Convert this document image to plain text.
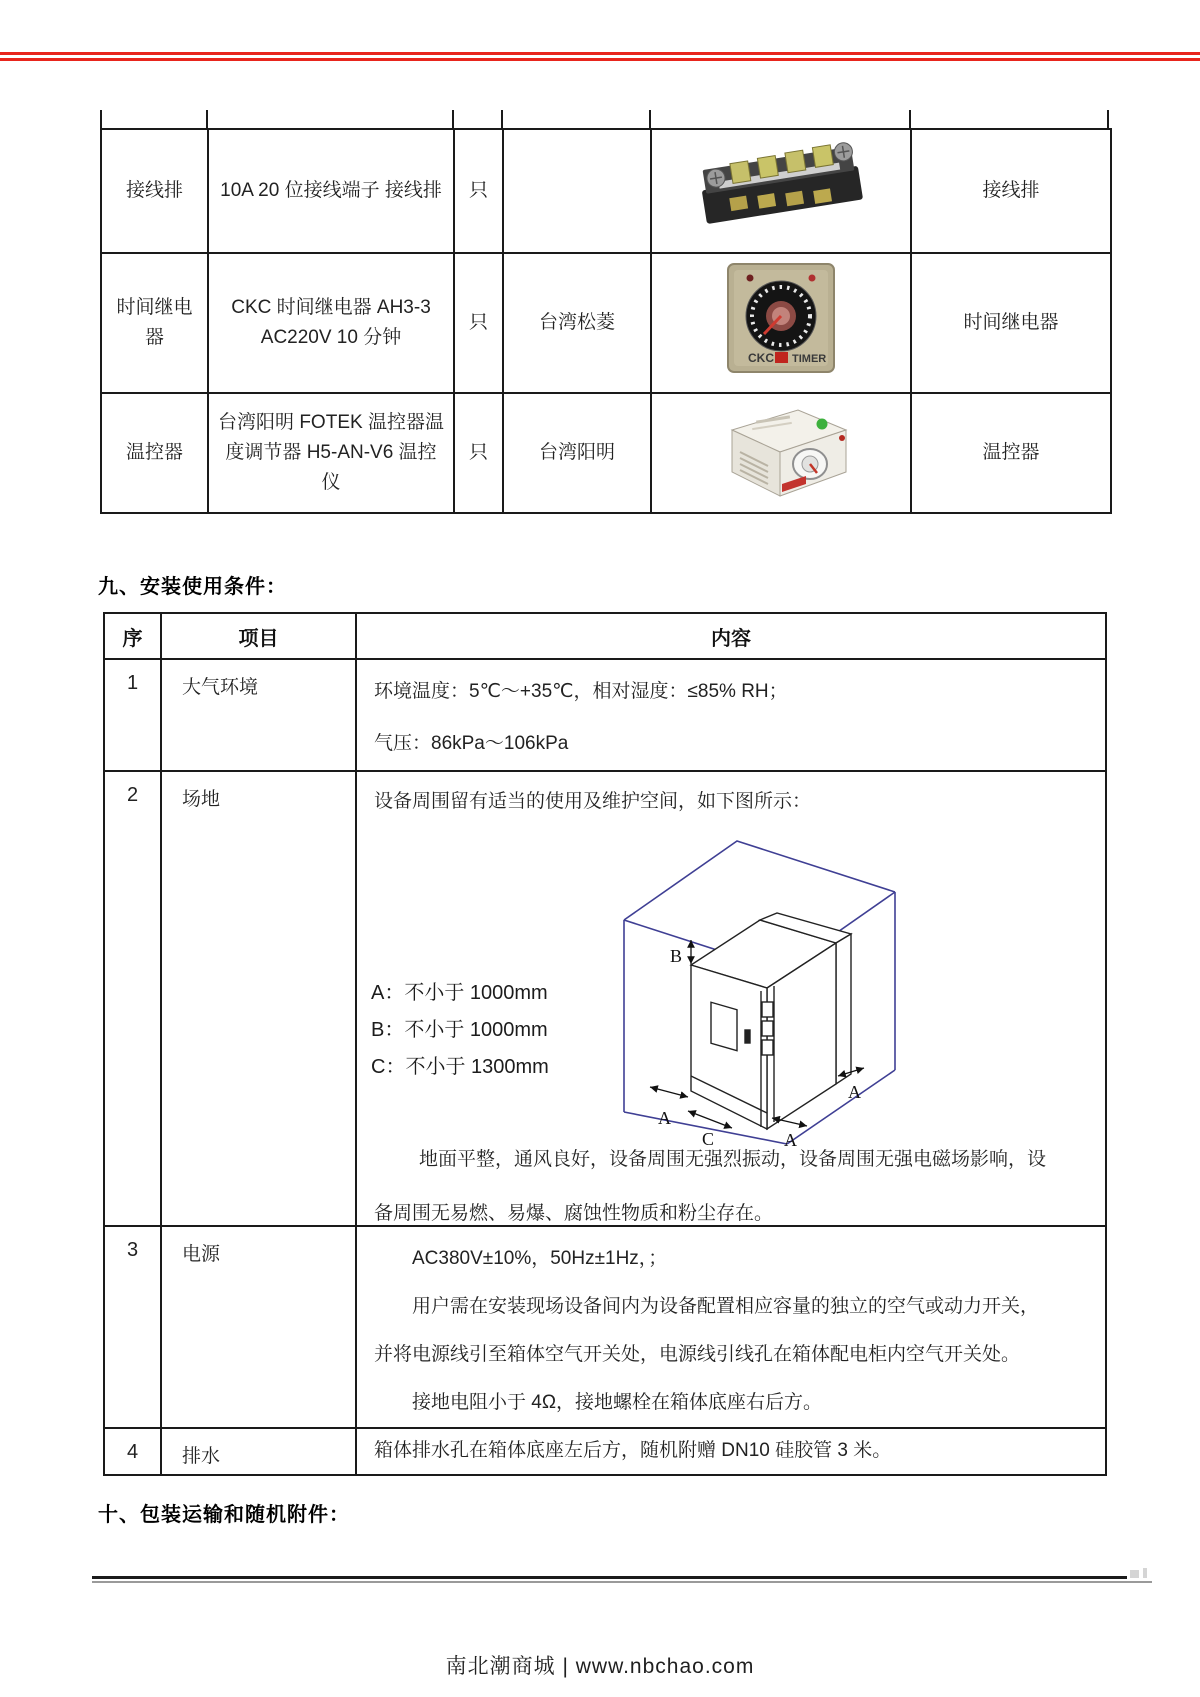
接线排	10A 20 位接线端子 接线排	只			接线排
时间继电器	CKC 时间继电器 AH3-3 AC220V 10 分钟	只	台湾松菱	CKC TIMER	时间继电器
温控器	台湾阳明 FOTEK 温控器温度调节器 H5-AN-V6 温控仪	只	台湾阳明		温控器
九、安装使用条件：
序	项目	内容
1	大气环境	环境温度：5℃～+35℃，相对湿度：≤85% RH；
气压：86kPa～106kPa

2	场地	设备周围留有适当的使用及维护空间，如下图所示：
A：不小于 1000mm
B：不小于 1000mm
C：不小于 1300mm
B
A
C	A
A
地面平整，通风良好，设备周围无强烈振动，设备周围无强电磁场影响，设
备周围无易燃、易爆、腐蚀性物质和粉尘存在。

3	电源	AC380V±10%，50Hz±1Hz，；
用户需在安装现场设备间内为设备配置相应容量的独立的空气或动力开关，
并将电源线引至箱体空气开关处，电源线引线孔在箱体配电柜内空气开关处。
接地电阻小于 4Ω，接地螺栓在箱体底座右后方。

4	排水	箱体排水孔在箱体底座左后方，随机附赠 DN10 硅胶管 3 米。
十、包装运输和随机附件：
南北潮商城 | www.nbchao.com
